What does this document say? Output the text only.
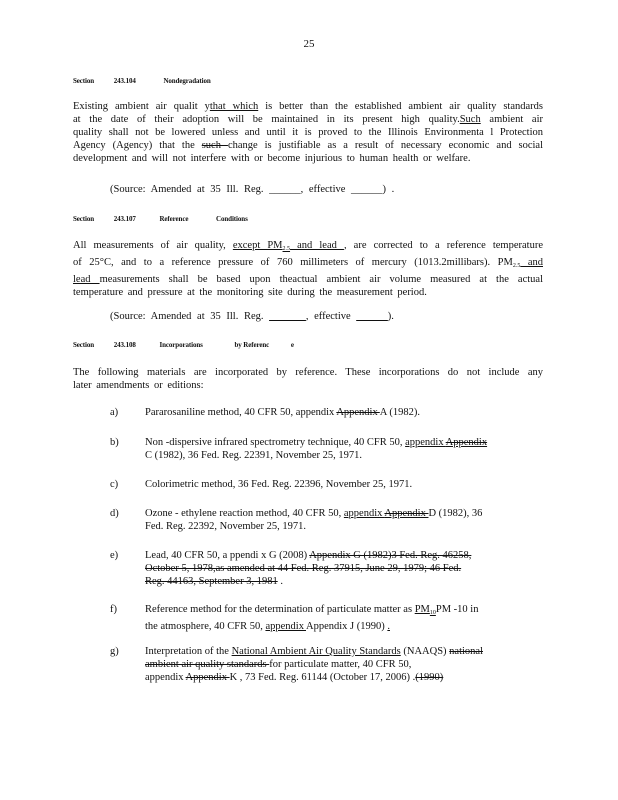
25
Section	243.104	Nondegradation
Existing ambient air qualit ythat which is better than the established ambient air quality standards
at the date of their adoption will be maintained in its present high quality.Such ambient air
quality shall not be lowered unless and until it is proved to the Illinois Environmenta l Protection
Agency (Agency) that the such change is justifiable as a result of necessary economic and social
development and will not interfere with or become injurious to human health or welfare.
(Source: Amended at 35 Ill. Reg. ______, effective ______) .
Section	243.107	Reference	Conditions
All measurements of air quality, except $PM_{2.5}$ and lead , are corrected to a reference temperature
of 25°C, and to a reference pressure of 760 millimeters of mercury (1013.2millibars). $PM_{2.5}$ and
lead measurements shall be based upon theactual ambient air volume measured at the actual
temperature and pressure at the monitoring site during the measurement period.
(Source: Amended at 35 Ill. Reg. _______, effective ______).
Section	243.108	Incorporations	by Referenc	e
The following materials are incorporated by reference. These incorporations do not include any
later amendments or editions:
a)	Pararosaniline method, 40 CFR 50, appendix Appendix A (1982).
b)	Non -dispersive infrared spectrometry technique, 40 CFR 50, appendix Appendix
C (1982), 36 Fed. Reg. 22391, November 25, 1971.
c)	Colorimetric method, 36 Fed. Reg. 22396, November 25, 1971.
d)	Ozone - ethylene reaction method, 40 CFR 50, appendix Appendix D (1982), 36
Fed. Reg. 22392, November 25, 1971.
e)	Lead, 40 CFR 50, a ppendi x G (2008) Appendix G (1982)3 Fed. Reg. 46258,
October 5, 1978,as amended at 44 Fed. Reg. 37915, June 29, 1979; 46 Fed.
Reg. 44163, September 3, 1981 .
f)	Reference method for the determination of particulate matter as $PM_{10}PM$ -10 in
the atmosphere, 40 CFR 50, appendix Appendix J (1990) .
g)	Interpretation of the National Ambient Air Quality Standards (NAAQS) national
ambient air quality standards for particulate matter, 40 CFR 50,
appendix Appendix K , 73 Fed. Reg. 61144 (October 17, 2006) .(1990)
